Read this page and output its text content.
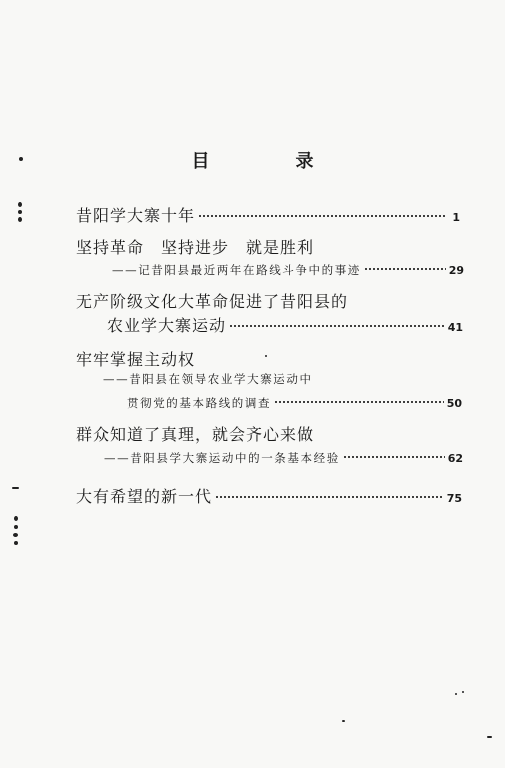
目　录
昔阳学大寨十年	1
坚持革命　坚持进步　就是胜利
——记昔阳县最近两年在路线斗争中的事迹	29
无产阶级文化大革命促进了昔阳县的
农业学大寨运动	41
牢牢掌握主动权
——昔阳县在领导农业学大寨运动中
贯彻党的基本路线的调查	50
群众知道了真理，就会齐心来做
——昔阳县学大寨运动中的一条基本经验	62
大有希望的新一代	75
